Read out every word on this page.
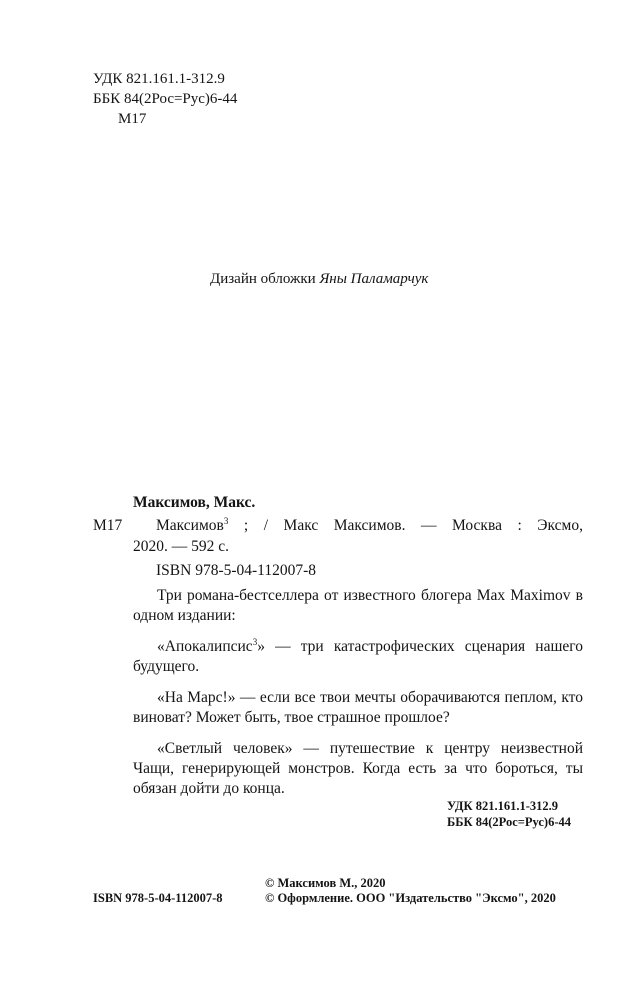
УДК 821.161.1-312.9
ББК 84(2Рос=Рус)6-44
М17
Дизайн обложки Яны Паламарчук
Максимов, Макс.
М17 Максимов$^3$ ; / Макс Максимов. — Москва : Эксмо,
2020. — 592 с.
ISBN 978-5-04-112007-8
Три романа-бестселлера от известного блогера Max Maximov в одном издании:
«Апокалипсис$^3$» — три катастрофических сценария нашего будущего.
«На Марс!» — если все твои мечты оборачиваются пеплом, кто виноват? Может быть, твое страшное прошлое?
«Светлый человек» — путешествие к центру неизвестной Чащи, генерирующей монстров. Когда есть за что бороться, ты обязан дойти до конца.
УДК 821.161.1-312.9
ББК 84(2Рос=Рус)6-44
ISBN 978-5-04-112007-8
© Максимов М., 2020
© Оформление. ООО "Издательство "Эксмо", 2020
